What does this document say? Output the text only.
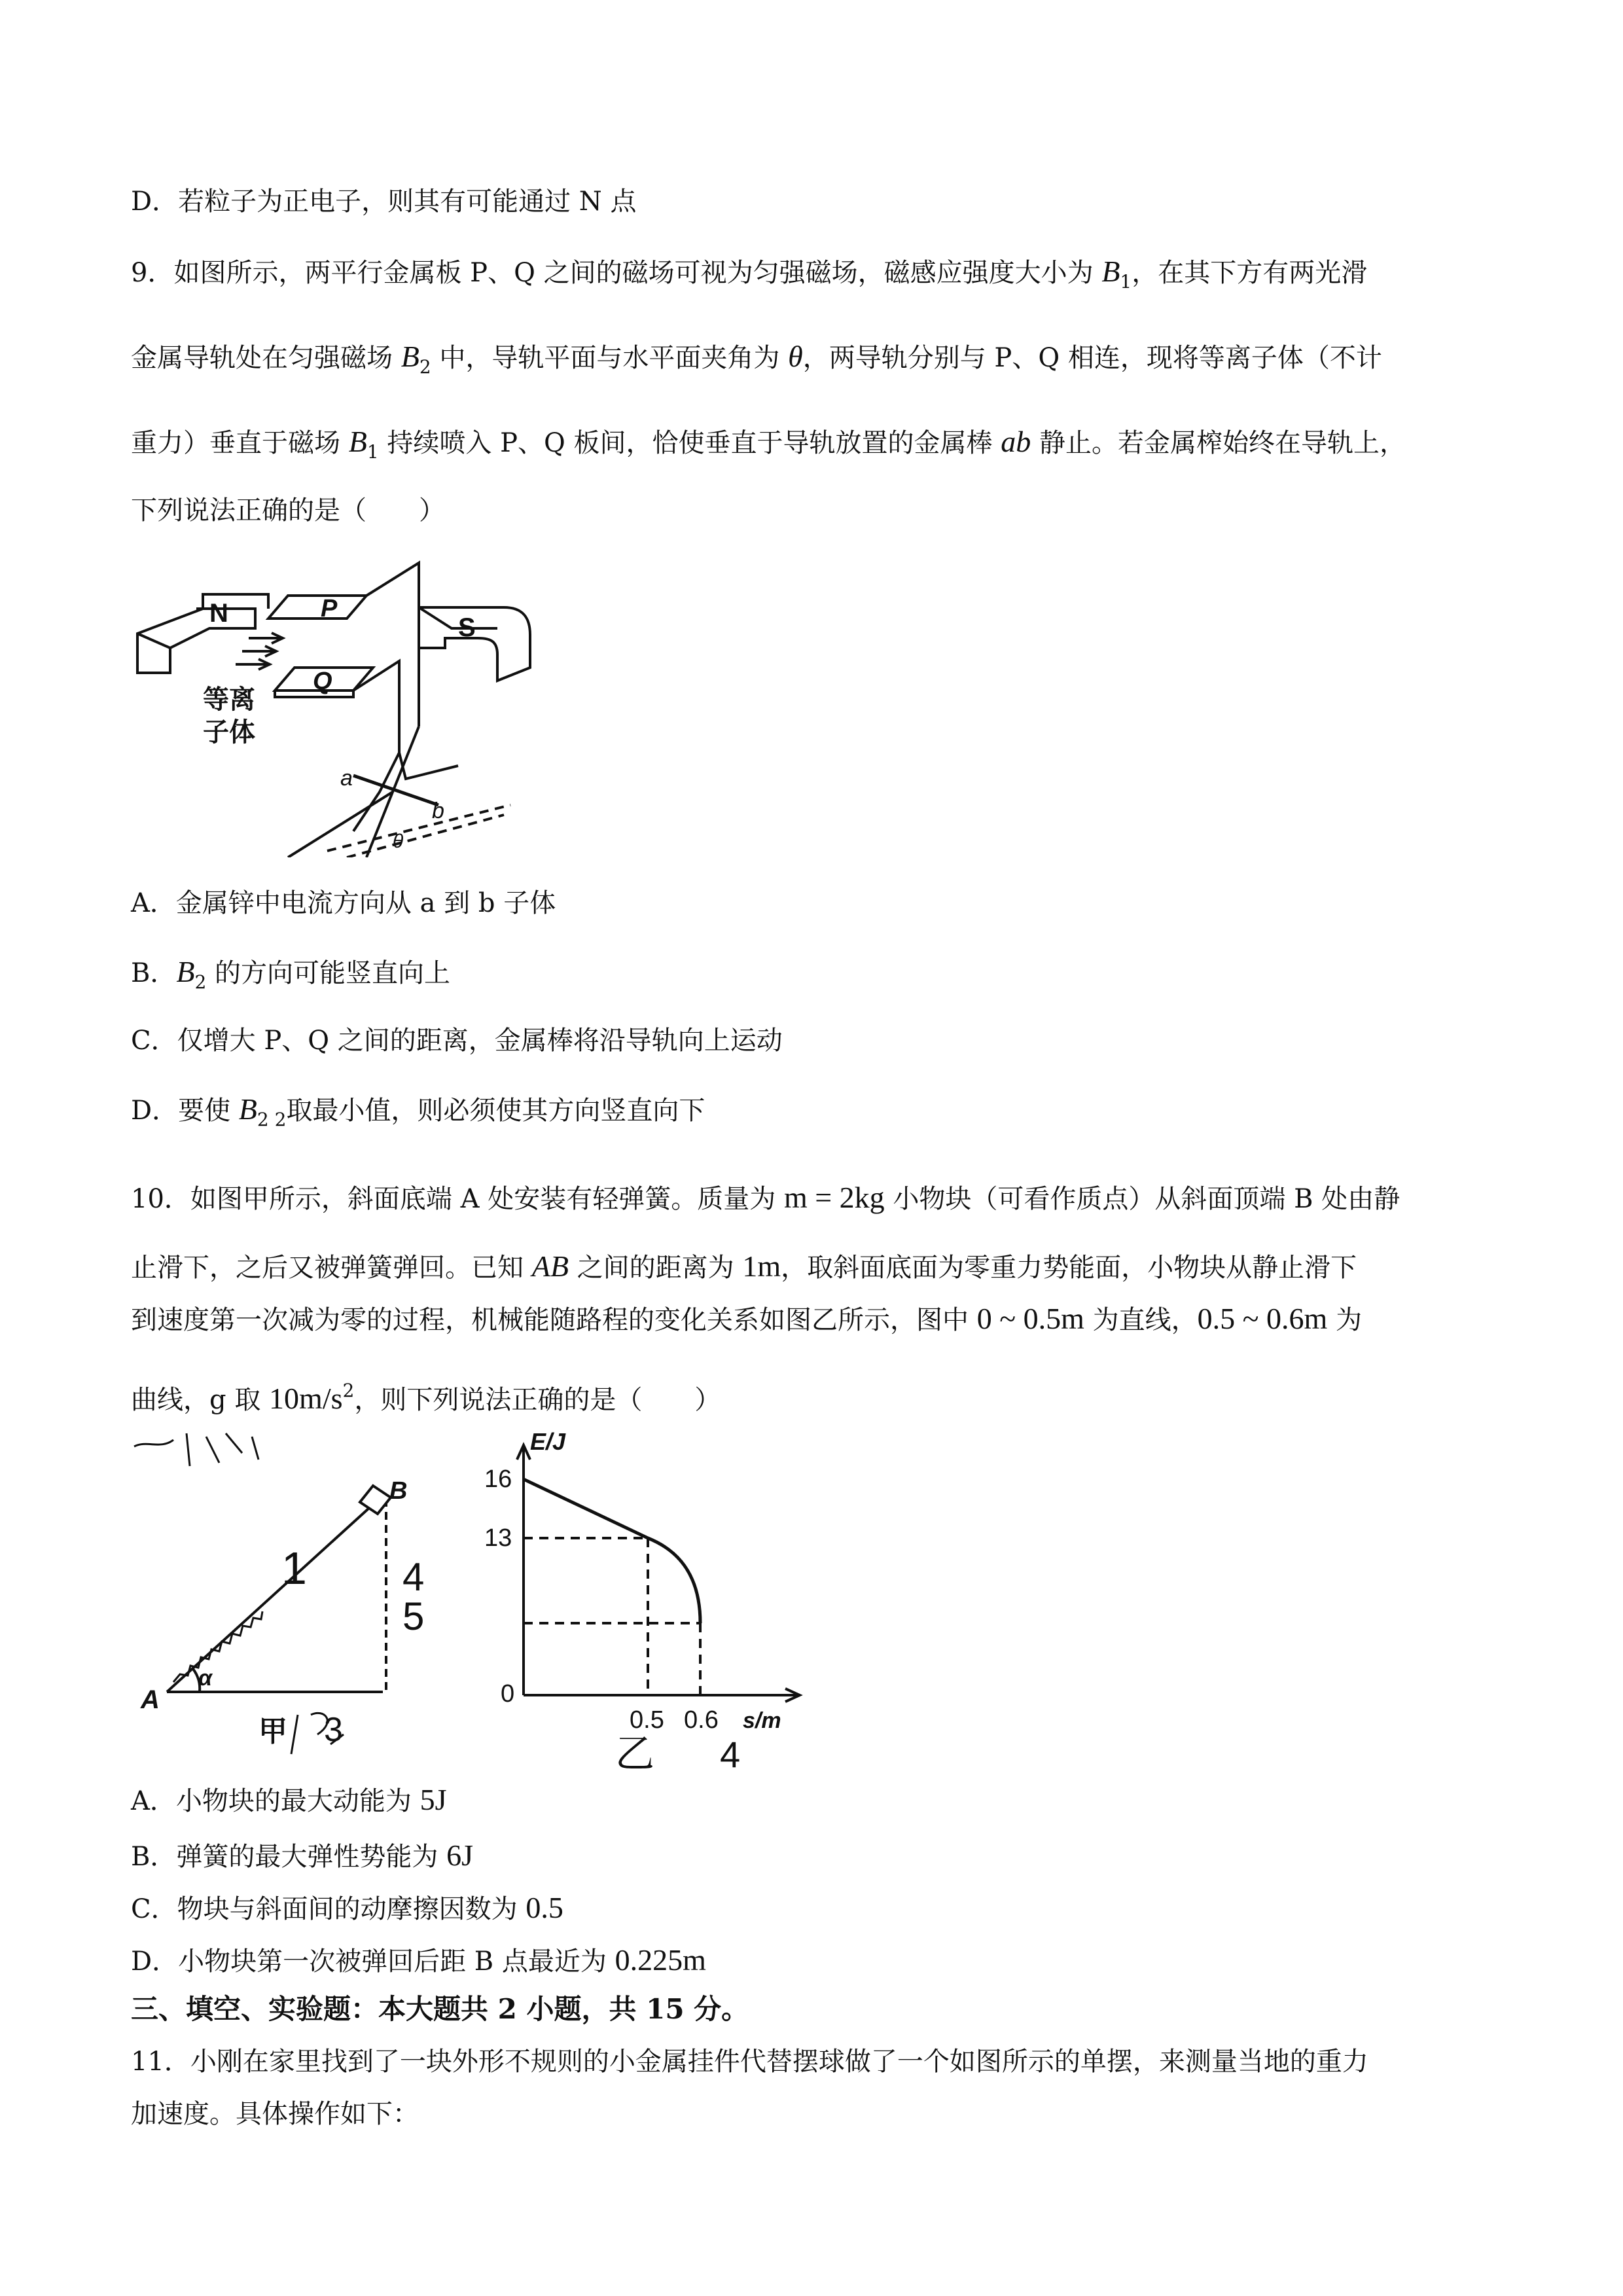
D．若粒子为正电子，则其有可能通过 N 点
9．如图所示，两平行金属板 P、Q 之间的磁场可视为匀强磁场，磁感应强度大小为 $B_1$，在其下方有两光滑
金属导轨处在匀强磁场 $B_2$ 中，导轨平面与水平面夹角为 θ，两导轨分别与 P、Q 相连，现将等离子体（不计
重力）垂直于磁场 $B_1$ 持续喷入 P、Q 板间，恰使垂直于导轨放置的金属棒 ab 静止。若金属榨始终在导轨上，
下列说法正确的是（　　）
N	P
Q
S
等离
子体
a
b
θ
A．金属锌中电流方向从 a 到 b 子体
B．$B_2$ 的方向可能竖直向上
C．仅增大 P、Q 之间的距离，金属棒将沿导轨向上运动
D．要使 $B_{2 2}$取最小值，则必须使其方向竖直向下
10．如图甲所示，斜面底端 A 处安装有轻弹簧。质量为 m = 2kg 小物块（可看作质点）从斜面顶端 B 处由静
止滑下，之后又被弹簧弹回。已知 AB 之间的距离为 1m，取斜面底面为零重力势能面，小物块从静止滑下
到速度第一次减为零的过程，机械能随路程的变化关系如图乙所示，图中 0 ~ 0.5m 为直线，0.5 ~ 0.6m 为
曲线，g 取 $10m/s^2$，则下列说法正确的是（　　）
A
B
α
甲
1 4
5
3
E/J
16
13
0
0.5 0.6 s/m
乙 4
A．小物块的最大动能为 5J
B．弹簧的最大弹性势能为 6J
C．物块与斜面间的动摩擦因数为 0.5
D．小物块第一次被弹回后距 B 点最近为 0.225m
三、填空、实验题：本大题共 2 小题，共 15 分。
11．小刚在家里找到了一块外形不规则的小金属挂件代替摆球做了一个如图所示的单摆，来测量当地的重力
加速度。具体操作如下：
